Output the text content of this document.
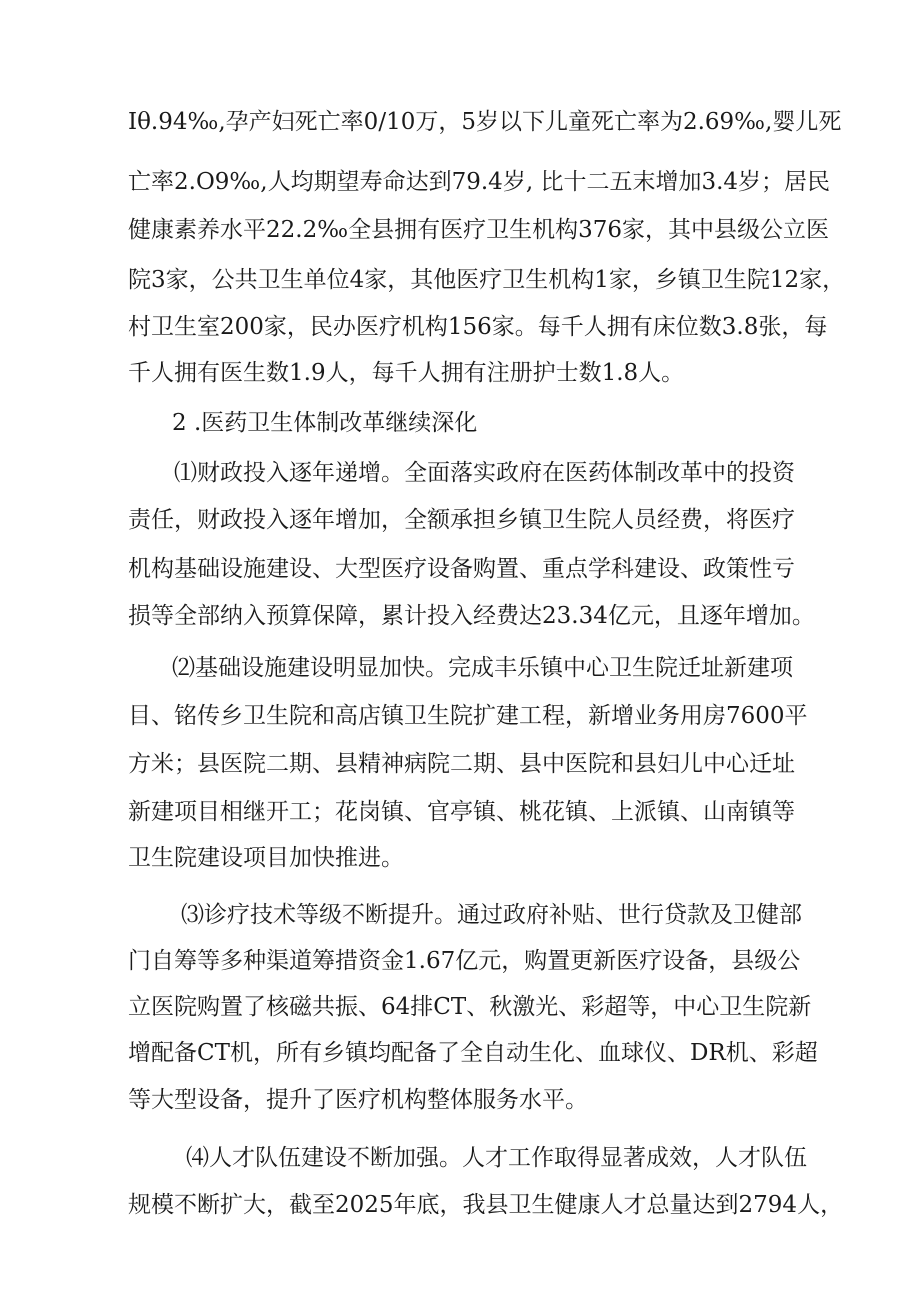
Iθ.94‰,孕产妇死亡率0/10万，5岁以下儿童死亡率为2.69‰,婴儿死

亡率2.O9‰,人均期望寿命达到79.4岁, 比十二五末增加3.4岁；居民

健康素养水平22.2‰全县拥有医疗卫生机构376家，其中县级公立医

院3家，公共卫生单位4家，其他医疗卫生机构1家，乡镇卫生院12家，

村卫生室200家，民办医疗机构156家。每千人拥有床位数3.8张，每

千人拥有医生数1.9人，每千人拥有注册护士数1.8人。

2 .医药卫生体制改革继续深化

⑴财政投入逐年递增。全面落实政府在医药体制改革中的投资

责任，财政投入逐年增加，全额承担乡镇卫生院人员经费，将医疗

机构基础设施建设、大型医疗设备购置、重点学科建设、政策性亏

损等全部纳入预算保障，累计投入经费达23.34亿元，且逐年增加。

⑵基础设施建设明显加快。完成丰乐镇中心卫生院迁址新建项

目、铭传乡卫生院和高店镇卫生院扩建工程，新增业务用房7600平

方米；县医院二期、县精神病院二期、县中医院和县妇儿中心迁址

新建项目相继开工；花岗镇、官亭镇、桃花镇、上派镇、山南镇等

卫生院建设项目加快推进。

⑶诊疗技术等级不断提升。通过政府补贴、世行贷款及卫健部

门自筹等多种渠道筹措资金1.67亿元，购置更新医疗设备，县级公

立医院购置了核磁共振、64排CT、秋激光、彩超等，中心卫生院新

增配备CT机，所有乡镇均配备了全自动生化、血球仪、DR机、彩超

等大型设备，提升了医疗机构整体服务水平。

⑷人才队伍建设不断加强。人才工作取得显著成效，人才队伍

规模不断扩大，截至2025年底，我县卫生健康人才总量达到2794人，
